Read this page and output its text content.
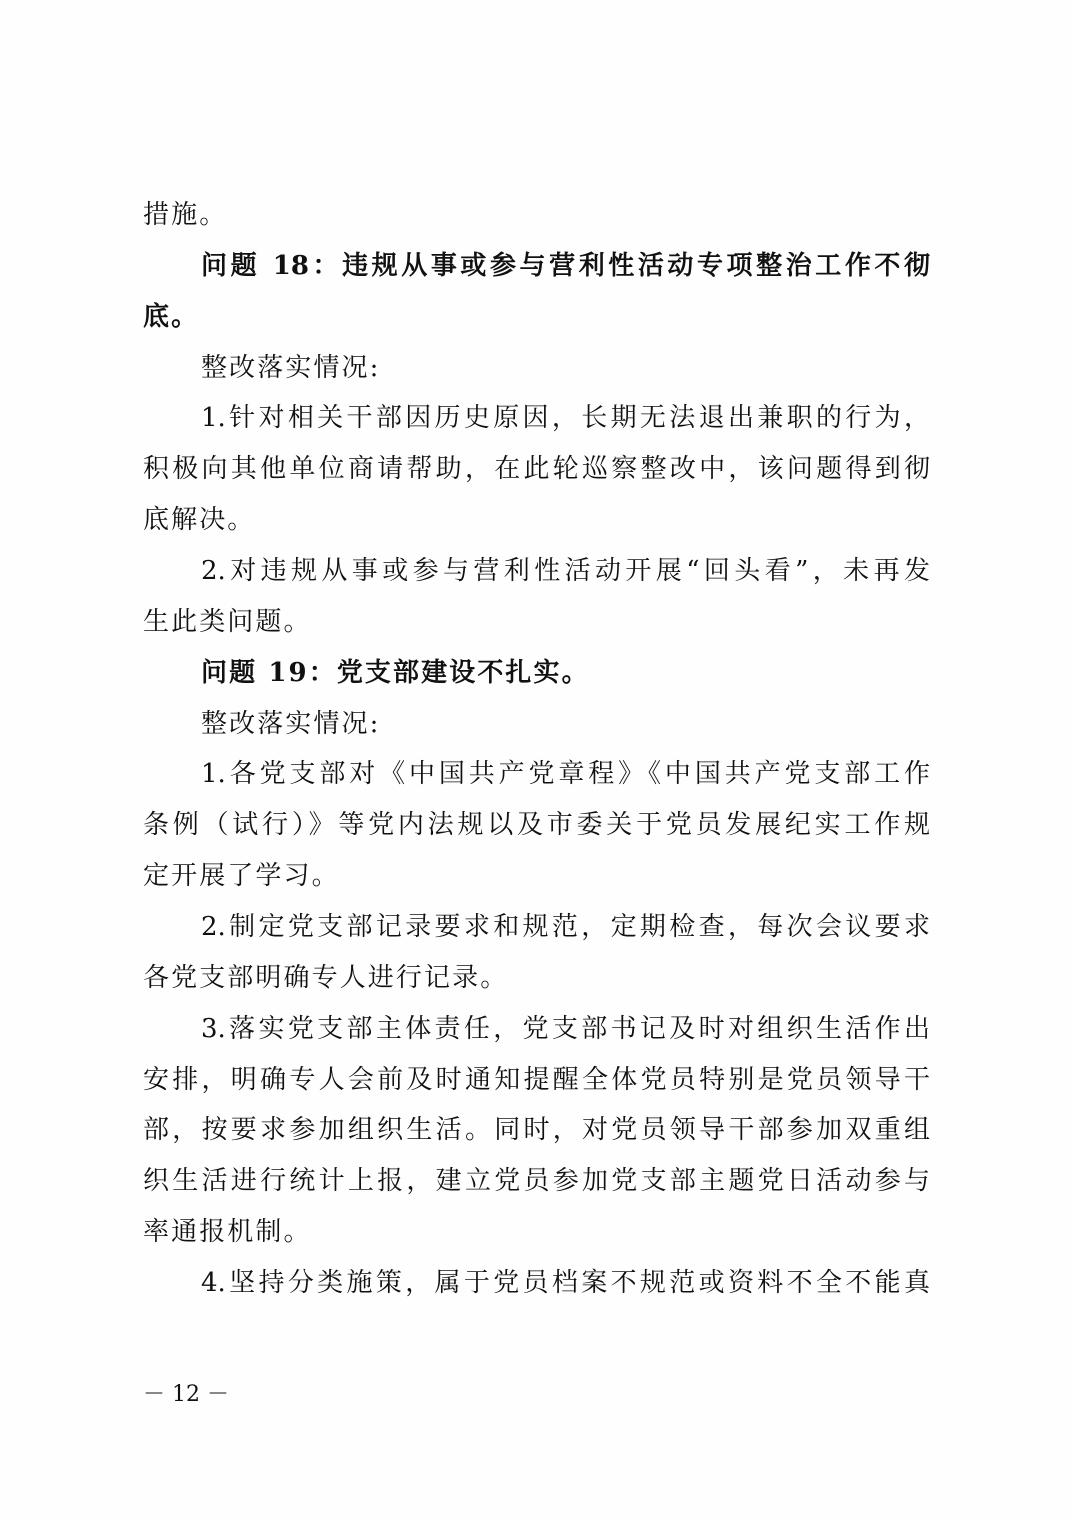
措施。
问题 18：违规从事或参与营利性活动专项整治工作不彻
底。
整改落实情况:
1.针对相关干部因历史原因，长期无法退出兼职的行为，
积极向其他单位商请帮助，在此轮巡察整改中，该问题得到彻
底解决。
2.对违规从事或参与营利性活动开展“回头看”，未再发
生此类问题。
问题 19：党支部建设不扎实。
整改落实情况:
1.各党支部对《中国共产党章程》《中国共产党支部工作
条例（试行）》等党内法规以及市委关于党员发展纪实工作规
定开展了学习。
2.制定党支部记录要求和规范，定期检查，每次会议要求
各党支部明确专人进行记录。
3.落实党支部主体责任，党支部书记及时对组织生活作出
安排，明确专人会前及时通知提醒全体党员特别是党员领导干
部，按要求参加组织生活。同时，对党员领导干部参加双重组
织生活进行统计上报，建立党员参加党支部主题党日活动参与
率通报机制。
4.坚持分类施策，属于党员档案不规范或资料不全不能真
－ 12 －
